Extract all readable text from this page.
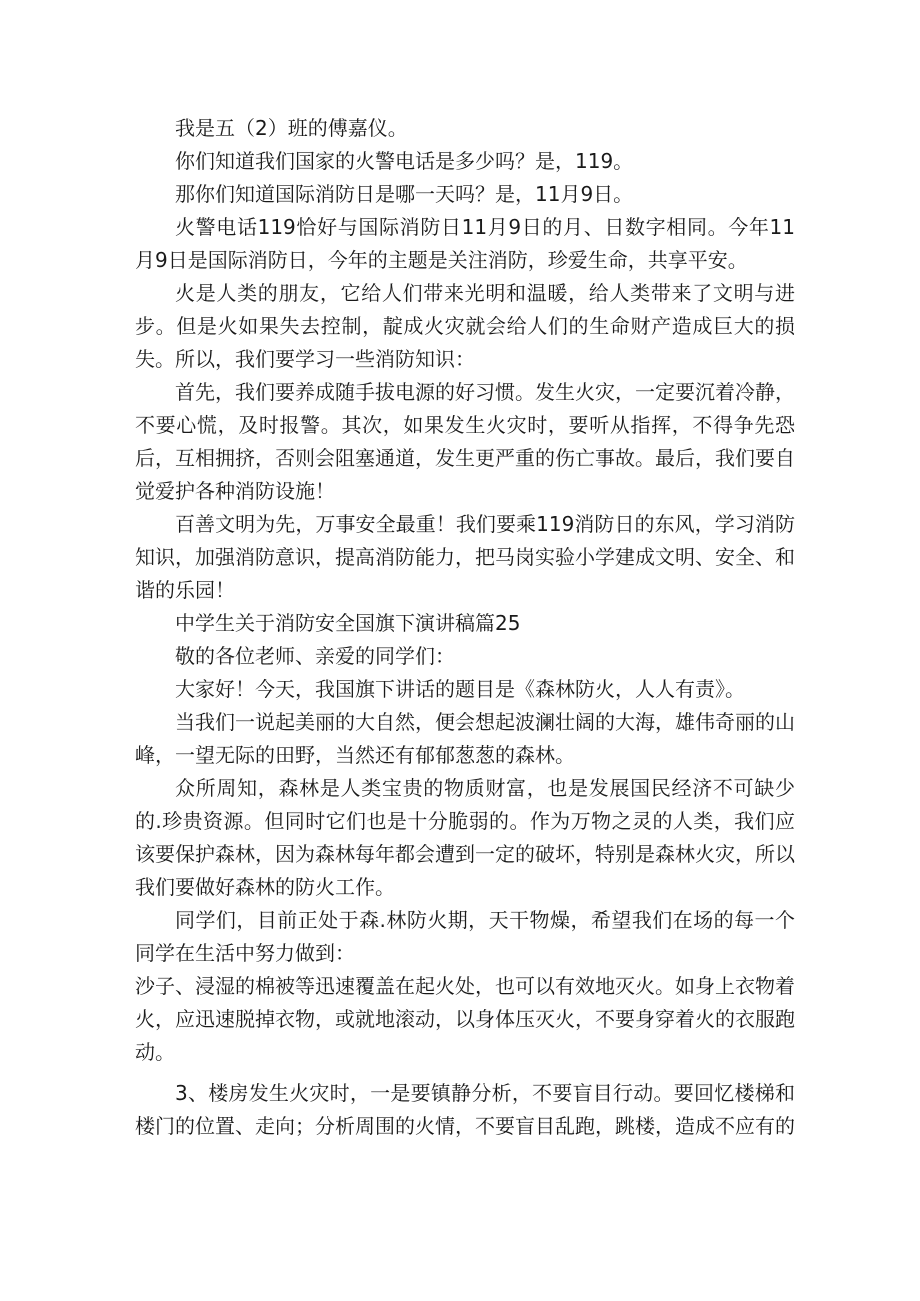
我是五（2）班的傅嘉仪。

你们知道我们国家的火警电话是多少吗？是，119。

那你们知道国际消防日是哪一天吗？是，11月9日。

火警电话119恰好与国际消防日11月9日的月、日数字相同。今年11月9日是国际消防日，今年的主题是关注消防，珍爱生命，共享平安。

火是人类的朋友，它给人们带来光明和温暖，给人类带来了文明与进步。但是火如果失去控制，靛成火灾就会给人们的生命财产造成巨大的损失。所以，我们要学习一些消防知识：

首先，我们要养成随手拔电源的好习惯。发生火灾，一定要沉着冷静，不要心慌，及时报警。其次，如果发生火灾时，要听从指挥，不得争先恐后，互相拥挤，否则会阻塞通道，发生更严重的伤亡事故。最后，我们要自觉爱护各种消防设施！

百善文明为先，万事安全最重！我们要乘119消防日的东风，学习消防知识，加强消防意识，提高消防能力，把马岗实验小学建成文明、安全、和谐的乐园！

中学生关于消防安全国旗下演讲稿篇25

敬的各位老师、亲爱的同学们：

大家好！今天，我国旗下讲话的题目是《森林防火，人人有责》。

当我们一说起美丽的大自然，便会想起波澜壮阔的大海，雄伟奇丽的山峰，一望无际的田野，当然还有郁郁葱葱的森林。

众所周知，森林是人类宝贵的物质财富，也是发展国民经济不可缺少的.珍贵资源。但同时它们也是十分脆弱的。作为万物之灵的人类，我们应该要保护森林，因为森林每年都会遭到一定的破坏，特别是森林火灾，所以我们要做好森林的防火工作。

同学们，目前正处于森.林防火期，天干物燥，希望我们在场的每一个同学在生活中努力做到：

沙子、浸湿的棉被等迅速覆盖在起火处，也可以有效地灭火。如身上衣物着火，应迅速脱掉衣物，或就地滚动，以身体压灭火，不要身穿着火的衣服跑动。

3、楼房发生火灾时，一是要镇静分析，不要盲目行动。要回忆楼梯和楼门的位置、走向；分析周围的火情，不要盲目乱跑，跳楼，造成不应有的
